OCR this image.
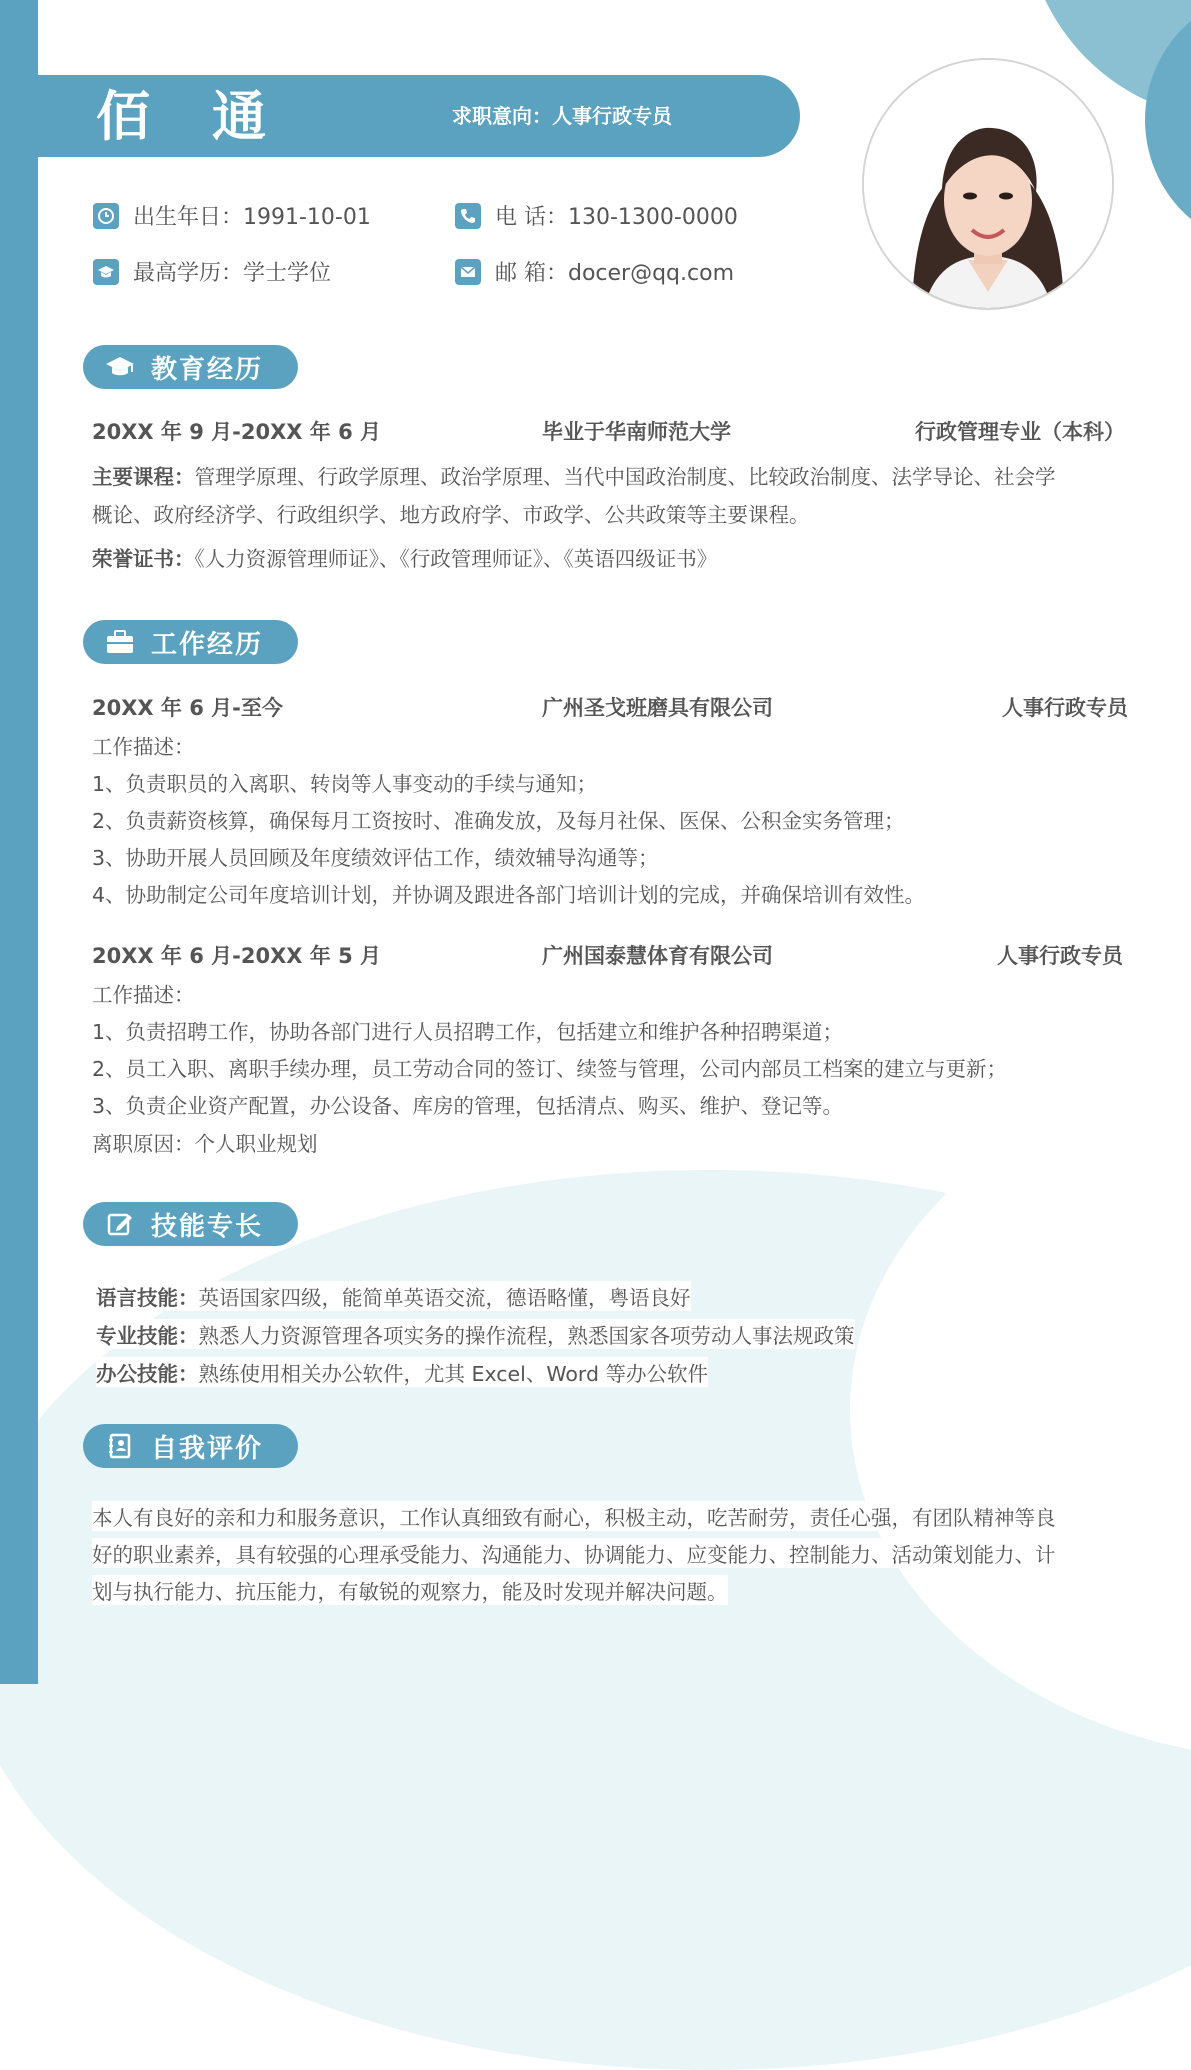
佰通	求职意向：人事行政专员
出生年日：1991-10-01	电 话：130-1300-0000
最高学历：学士学位	邮 箱：docer@qq.com
教育经历
20XX 年 9 月-20XX 年 6 月	毕业于华南师范大学	行政管理专业（本科）
主要课程：管理学原理、行政学原理、政治学原理、当代中国政治制度、比较政治制度、法学导论、社会学
概论、政府经济学、行政组织学、地方政府学、市政学、公共政策等主要课程。
荣誉证书：《人力资源管理师证》、《行政管理师证》、《英语四级证书》
工作经历
20XX 年 6 月-至今	广州圣戈班磨具有限公司	人事行政专员
工作描述：
1、负责职员的入离职、转岗等人事变动的手续与通知；
2、负责薪资核算，确保每月工资按时、准确发放，及每月社保、医保、公积金实务管理；
3、协助开展人员回顾及年度绩效评估工作，绩效辅导沟通等；
4、协助制定公司年度培训计划，并协调及跟进各部门培训计划的完成，并确保培训有效性。
20XX 年 6 月-20XX 年 5 月	广州国泰慧体育有限公司	人事行政专员
工作描述：
1、负责招聘工作，协助各部门进行人员招聘工作，包括建立和维护各种招聘渠道；
2、员工入职、离职手续办理，员工劳动合同的签订、续签与管理，公司内部员工档案的建立与更新；
3、负责企业资产配置，办公设备、库房的管理，包括清点、购买、维护、登记等。
离职原因：个人职业规划
技能专长
语言技能：英语国家四级，能简单英语交流，德语略懂，粤语良好
专业技能：熟悉人力资源管理各项实务的操作流程，熟悉国家各项劳动人事法规政策
办公技能：熟练使用相关办公软件，尤其 Excel、Word 等办公软件
自我评价
本人有良好的亲和力和服务意识，工作认真细致有耐心，积极主动，吃苦耐劳，责任心强，有团队精神等良
好的职业素养，具有较强的心理承受能力、沟通能力、协调能力、应变能力、控制能力、活动策划能力、计
划与执行能力、抗压能力，有敏锐的观察力，能及时发现并解决问题。
